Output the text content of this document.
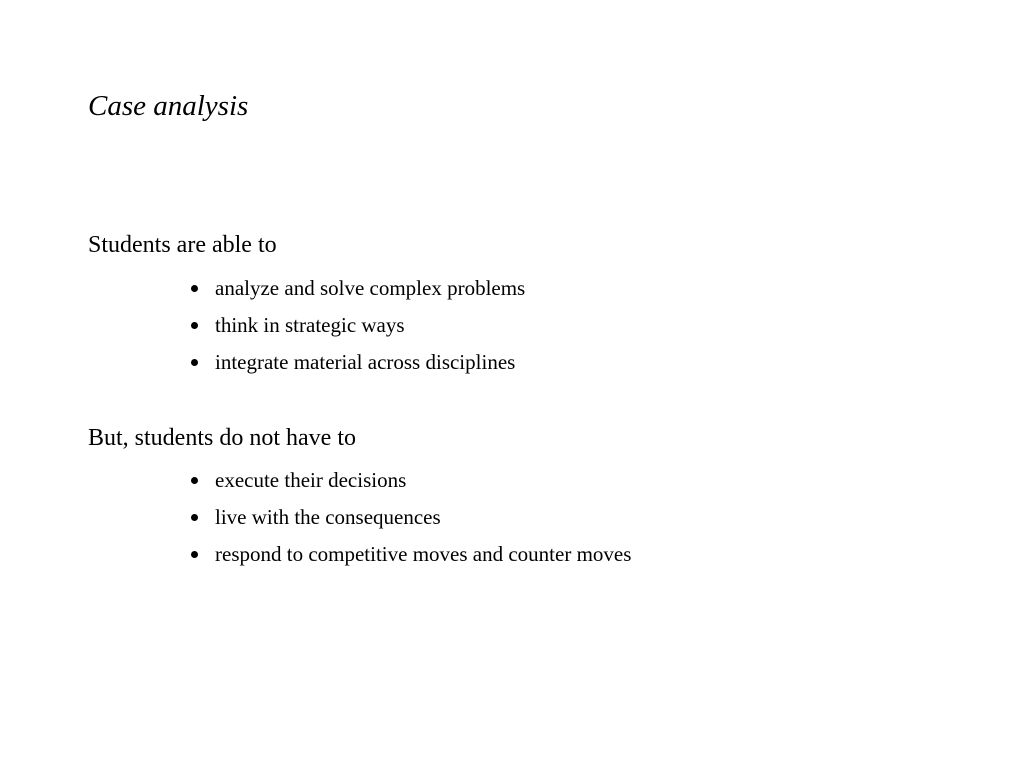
Case analysis
Students are able to
analyze and solve complex problems
think in strategic ways
integrate material across disciplines
But, students do not have to
execute their decisions
live with the consequences
respond to competitive moves and counter moves
